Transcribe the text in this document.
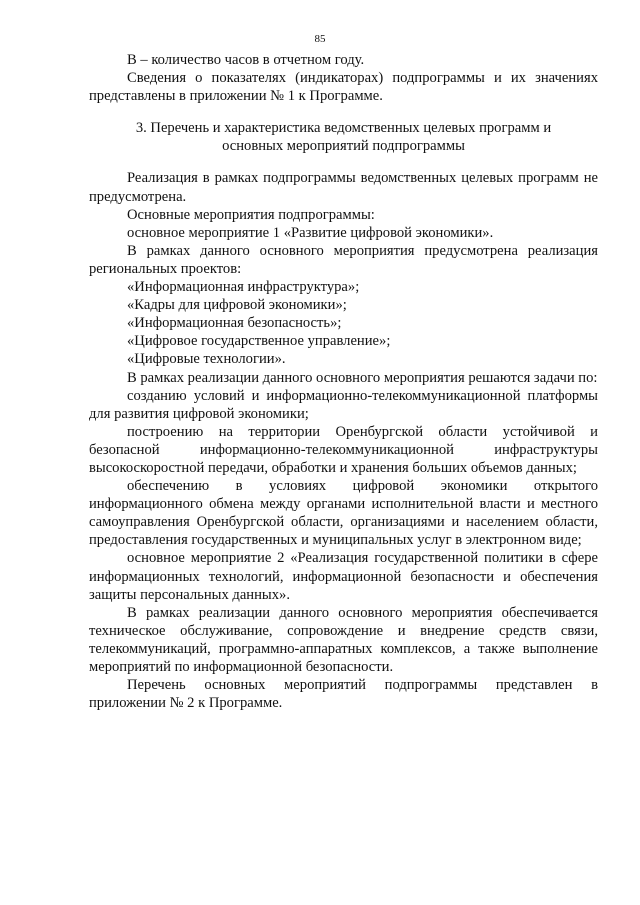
85

В – количество часов в отчетном году.

Сведения о показателях (индикаторах) подпрограммы и их значениях представлены в приложении № 1 к Программе.

3. Перечень и характеристика ведомственных целевых программ и
основных мероприятий подпрограммы

Реализация в рамках подпрограммы ведомственных целевых программ не предусмотрена.

Основные мероприятия подпрограммы:

основное мероприятие 1 «Развитие цифровой экономики».

В рамках данного основного мероприятия предусмотрена реализация региональных проектов:

«Информационная инфраструктура»;

«Кадры для цифровой экономики»;

«Информационная безопасность»;

«Цифровое государственное управление»;

«Цифровые технологии».

В рамках реализации данного основного мероприятия решаются задачи по:

созданию условий и информационно-телекоммуникационной платформы для развития цифровой экономики;

построению на территории Оренбургской области устойчивой и безопасной информационно-телекоммуникационной инфраструктуры высокоскоростной передачи, обработки и хранения больших объемов данных;

обеспечению в условиях цифровой экономики открытого информационного обмена между органами исполнительной власти и местного самоуправления Оренбургской области, организациями и населением области, предоставления государственных и муниципальных услуг в электронном виде;

основное мероприятие 2 «Реализация государственной политики в сфере информационных технологий, информационной безопасности и обеспечения защиты персональных данных».

В рамках реализации данного основного мероприятия обеспечивается техническое обслуживание, сопровождение и внедрение средств связи, телекоммуникаций, программно-аппаратных комплексов, а также выполнение мероприятий по информационной безопасности.

Перечень основных мероприятий подпрограммы представлен в приложении № 2 к Программе.
